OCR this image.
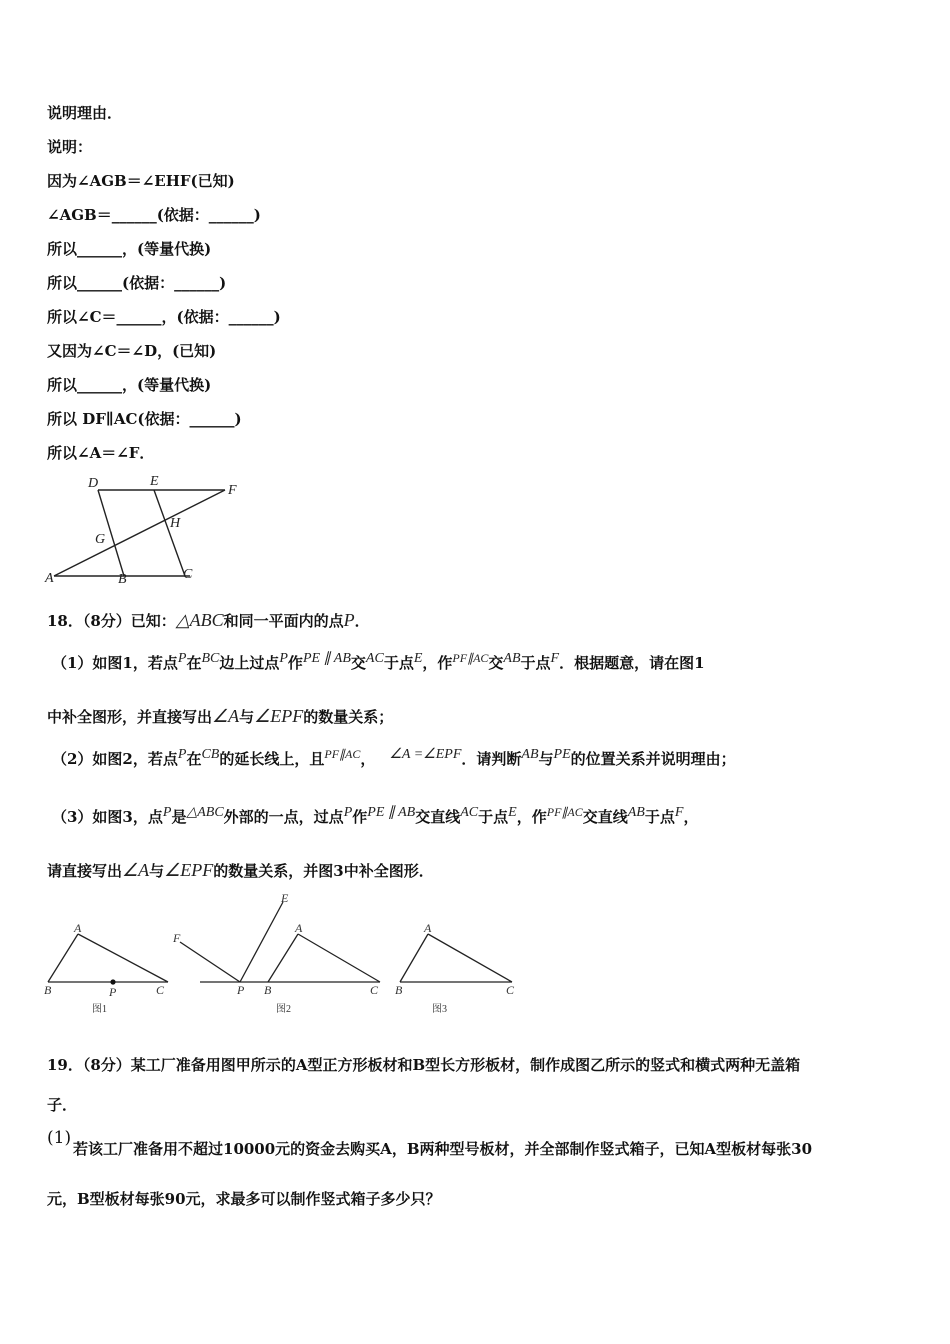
说明理由．
说明：
因为∠AGB＝∠EHF(已知)
∠AGB＝______(依据：______)
所以______，(等量代换)
所以______(依据：______)
所以∠C＝______，(依据：______)
又因为∠C＝∠D，(已知)
所以______，(等量代换)
所以 DF∥AC(依据：______)
所以∠A＝∠F．
D	E
F
H
G
A	B	C
18．（8分）已知：△ABC和同一平面内的点P．
（1）如图1，若点P在BC边上过点P作PE ∥ AB交AC于点E，作$^{PF\parallel AC}$交AB于点F．根据题意，请在图1
中补全图形，并直接写出∠A与∠EPF的数量关系；
（2）如图2，若点P在CB的延长线上，且$^{PF\parallel AC}$， ∠A =∠EPF．请判断AB与PE的位置关系并说明理由；
（3）如图3，点P是△ABC外部的一点，过点P作PE ∥ AB交直线AC于点E，作$^{PF\parallel AC}$交直线AB于点F，
请直接写出∠A与∠EPF的数量关系，并图3中补全图形．
A
B	P	C
图1
E
F
A
P B	C
图2
A
B	C
图3
19．（8分）某工厂准备用图甲所示的A型正方形板材和B型长方形板材，制作成图乙所示的竖式和横式两种无盖箱
子．
(1)
若该工厂准备用不超过10000元的资金去购买A，B两种型号板材，并全部制作竖式箱子，已知A型板材每张30
元，B型板材每张90元，求最多可以制作竖式箱子多少只？
